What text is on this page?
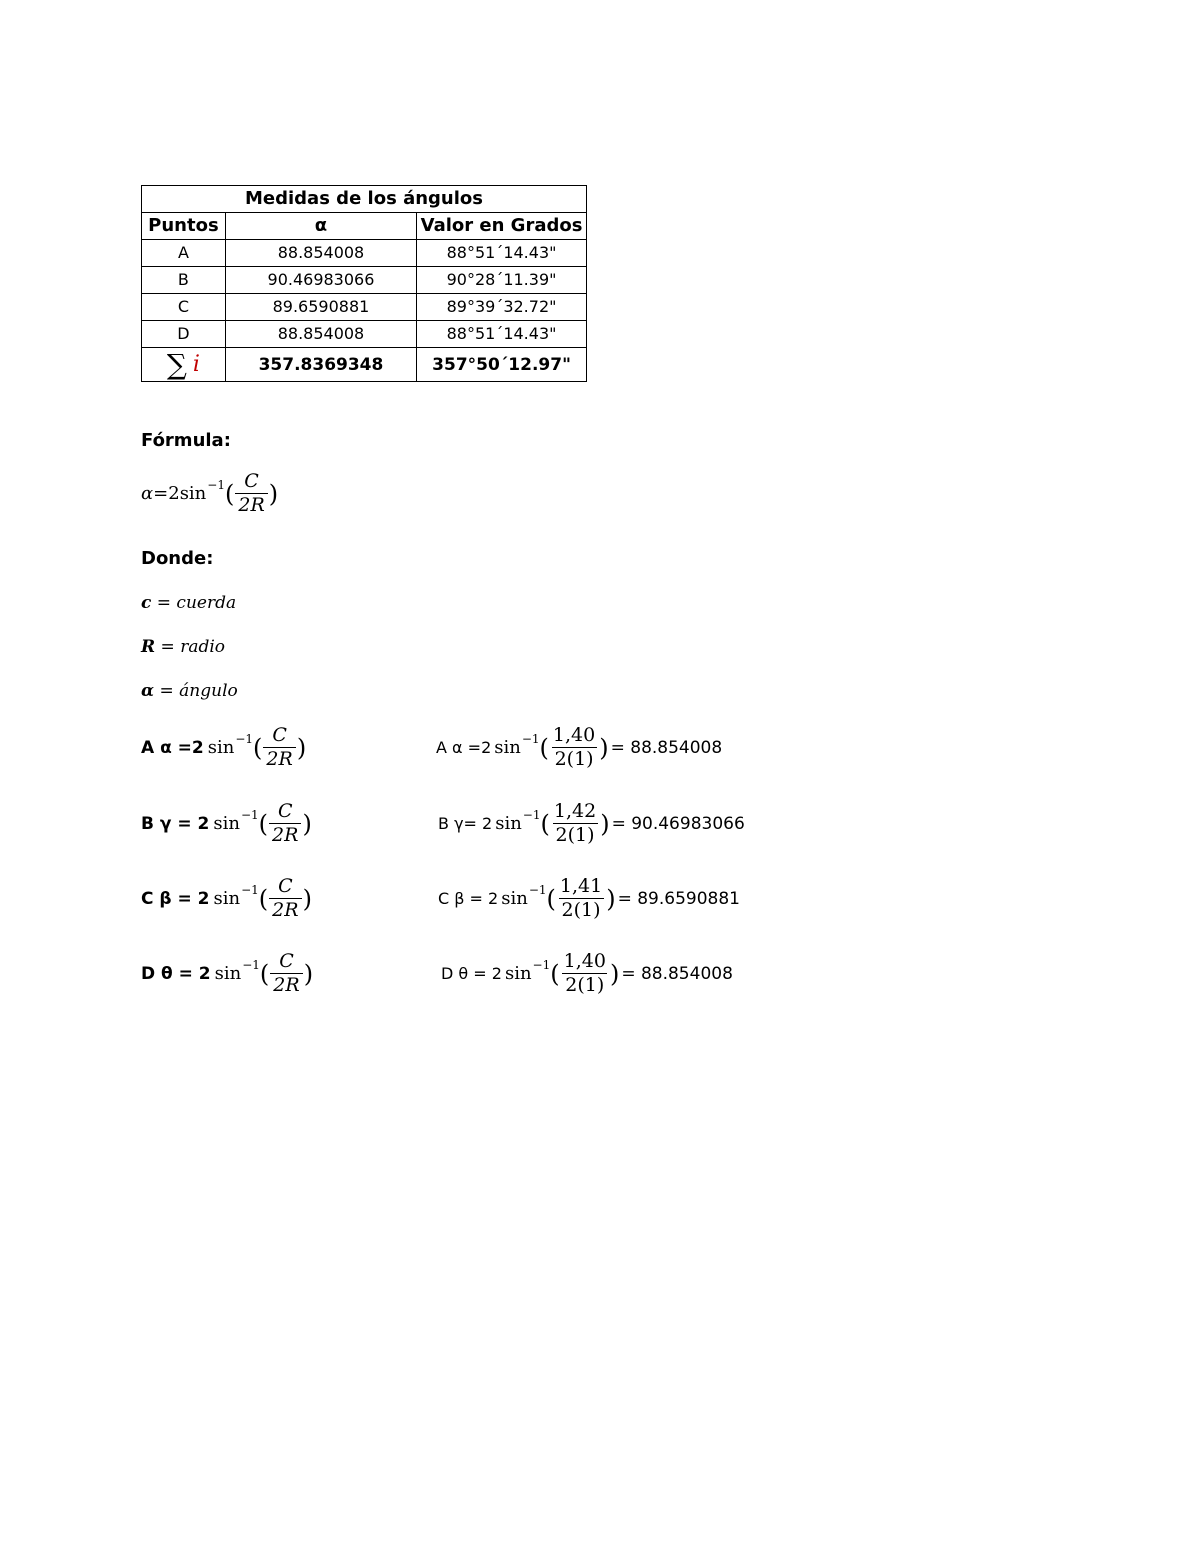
Medidas de los ángulos		
Puntos	α	Valor en Grados
A	88.854008	88°51´14.43"
B	90.46983066	90°28´11.39"
C	89.6590881	89°39´32.72"
D	88.854008	88°51´14.43"
∑ i	357.8369348	357°50´12.97"
Fórmula:
α =2sin −1 ( $\frac{C}{2R}$ )
Donde:
c = cuerda
R = radio
α = ángulo
A α =2 sin −1 ( $\frac{C}{2R}$ )
B γ = 2 sin −1 ( $\frac{C}{2R}$ )
C β = 2 sin −1 ( $\frac{C}{2R}$ )
D θ = 2 sin −1 ( $\frac{C}{2R}$ )
A α =2 sin −1 ( $\frac{1,40}{2(1)}$ ) = 88.854008
B γ= 2 sin −1 ( $\frac{1,42}{2(1)}$ ) = 90.46983066
C β = 2 sin −1 ( $\frac{1,41}{2(1)}$ ) = 89.6590881
D θ = 2 sin −1 ( $\frac{1,40}{2(1)}$ ) = 88.854008
